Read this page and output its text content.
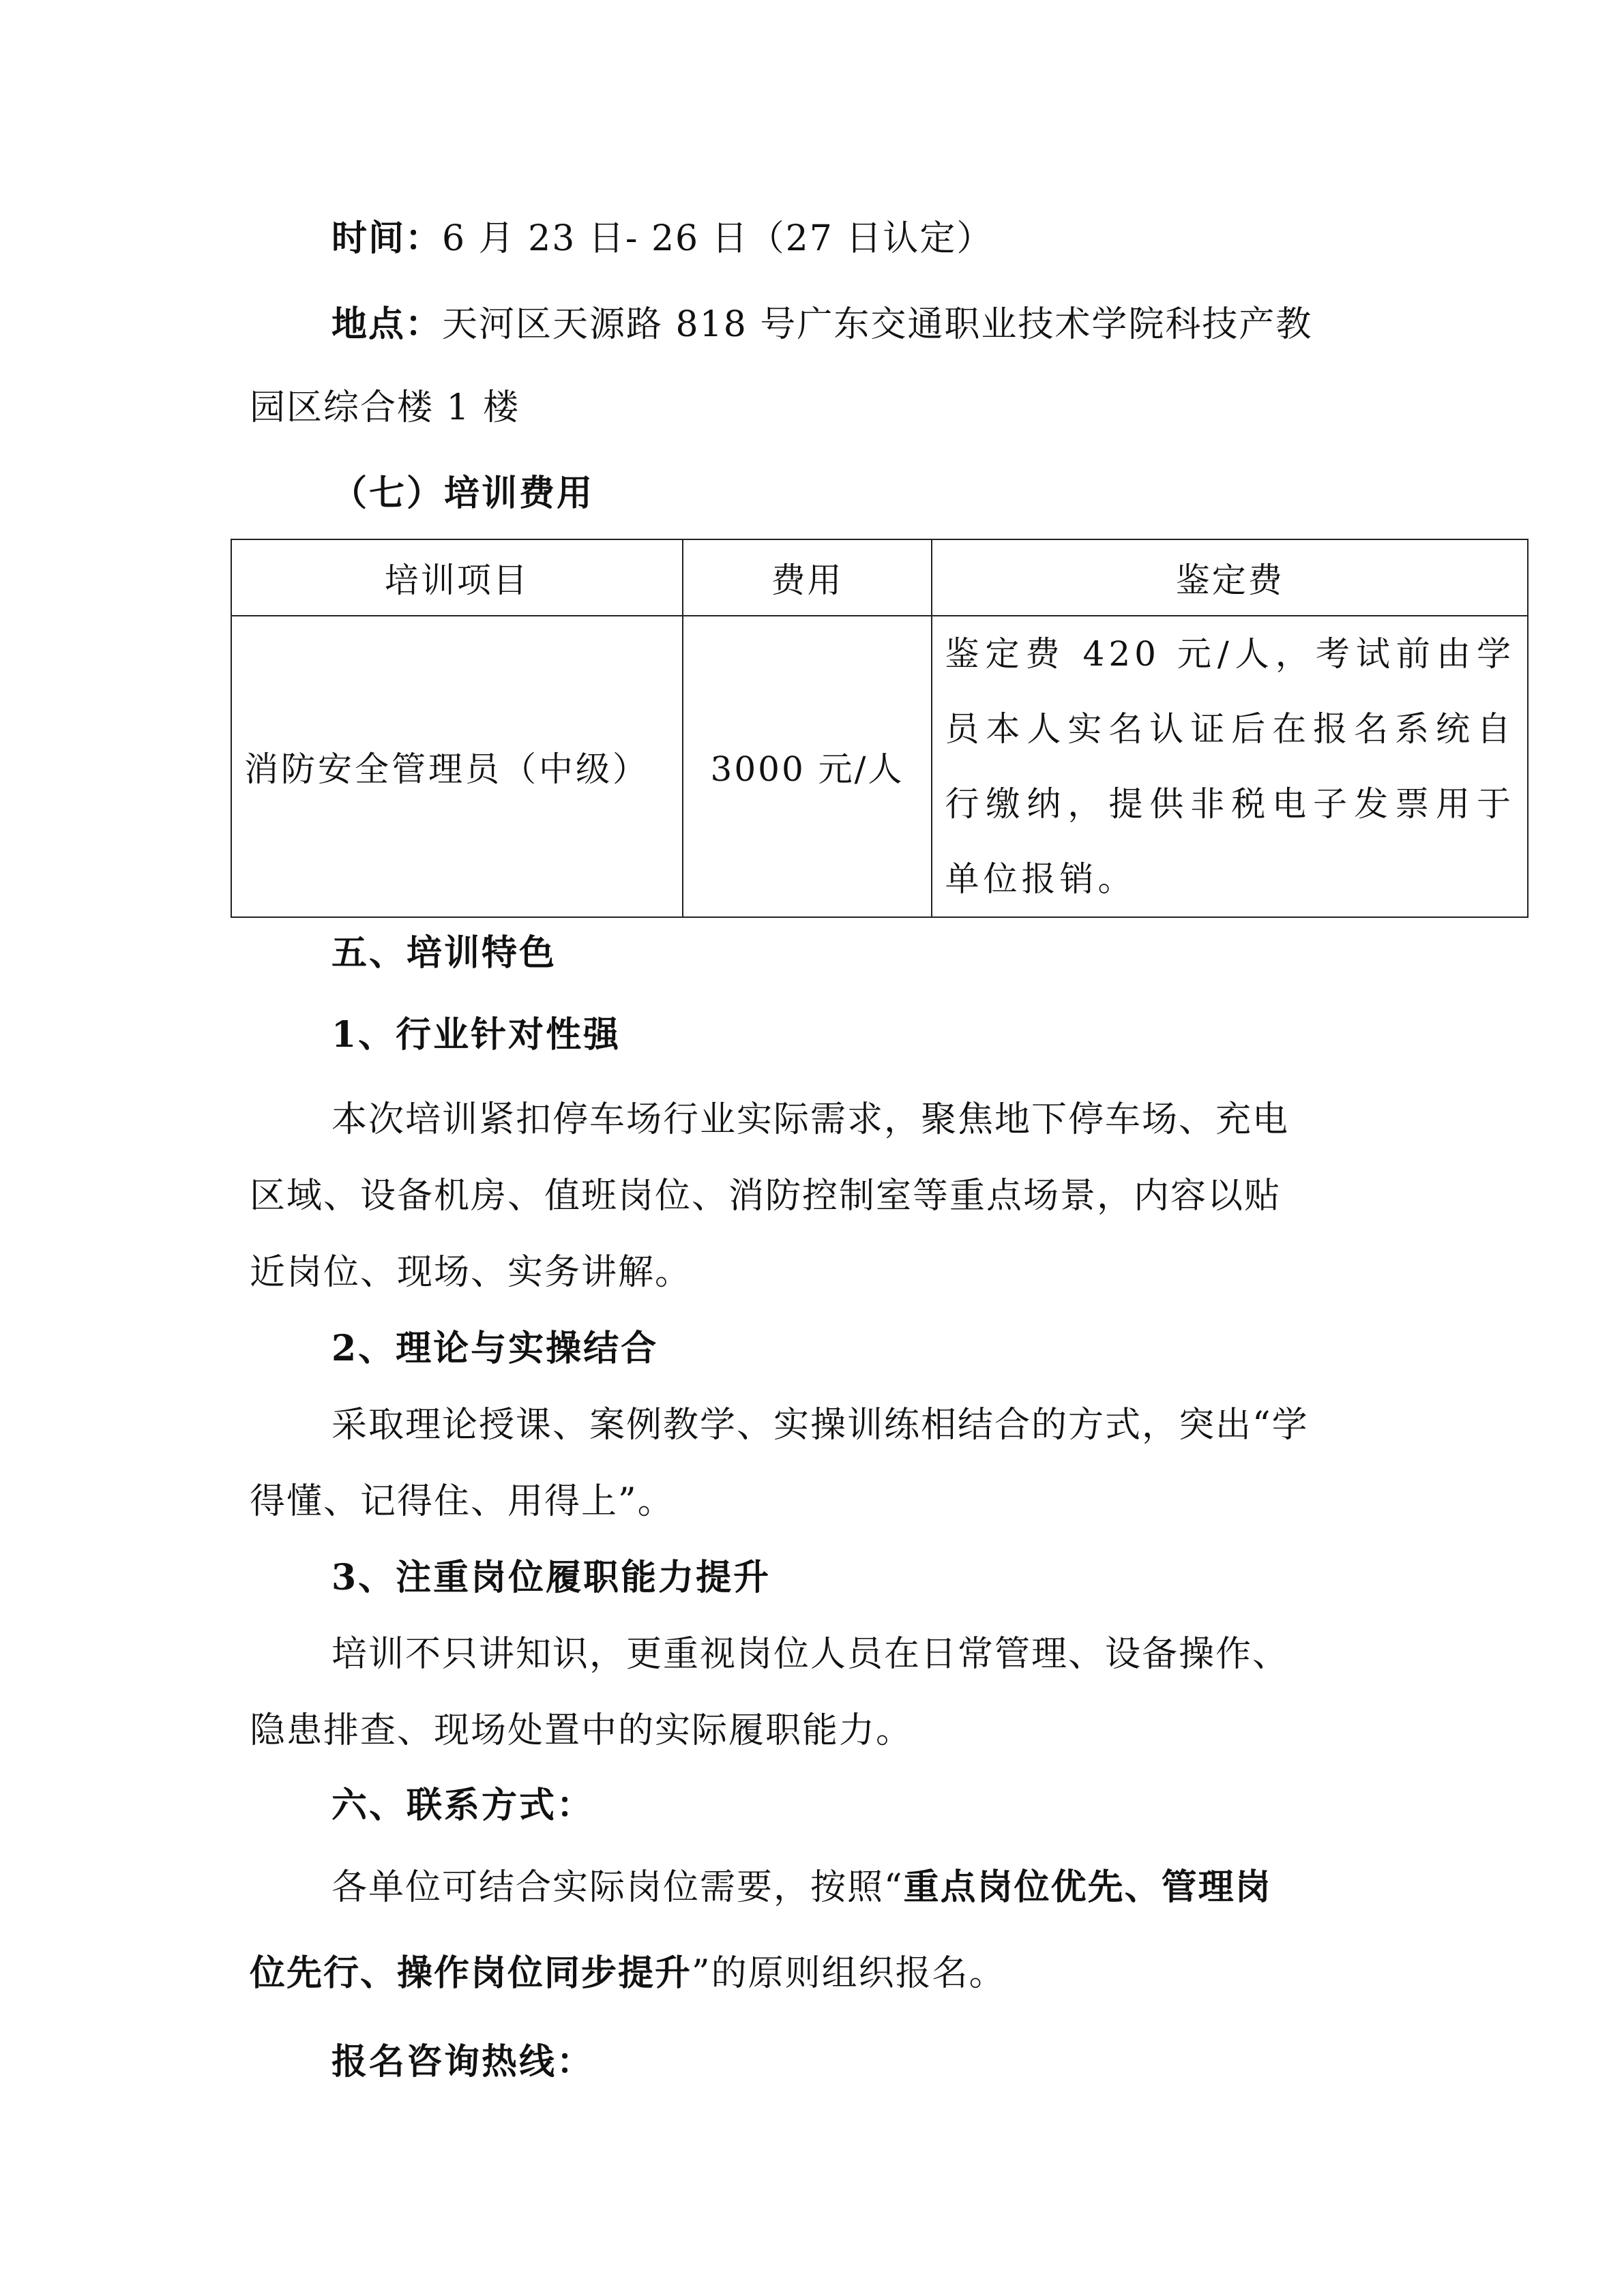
时间：6 月 23 日- 26 日（27 日认定）
地点：天河区天源路 818 号广东交通职业技术学院科技产教
园区综合楼 1 楼
（七）培训费用
培训项目	费用	鉴定费
消防安全管理员（中级）	3000 元/人	鉴定费 420 元/人，考试前由学员本人实名认证后在报名系统自行缴纳，提供非税电子发票用于单位报销。
五、培训特色
1、行业针对性强
本次培训紧扣停车场行业实际需求，聚焦地下停车场、充电
区域、设备机房、值班岗位、消防控制室等重点场景，内容以贴
近岗位、现场、实务讲解。
2、理论与实操结合
采取理论授课、案例教学、实操训练相结合的方式，突出“学
得懂、记得住、用得上”。
3、注重岗位履职能力提升
培训不只讲知识，更重视岗位人员在日常管理、设备操作、
隐患排查、现场处置中的实际履职能力。
六、联系方式：
各单位可结合实际岗位需要，按照“重点岗位优先、管理岗
位先行、操作岗位同步提升”的原则组织报名。
报名咨询热线：
